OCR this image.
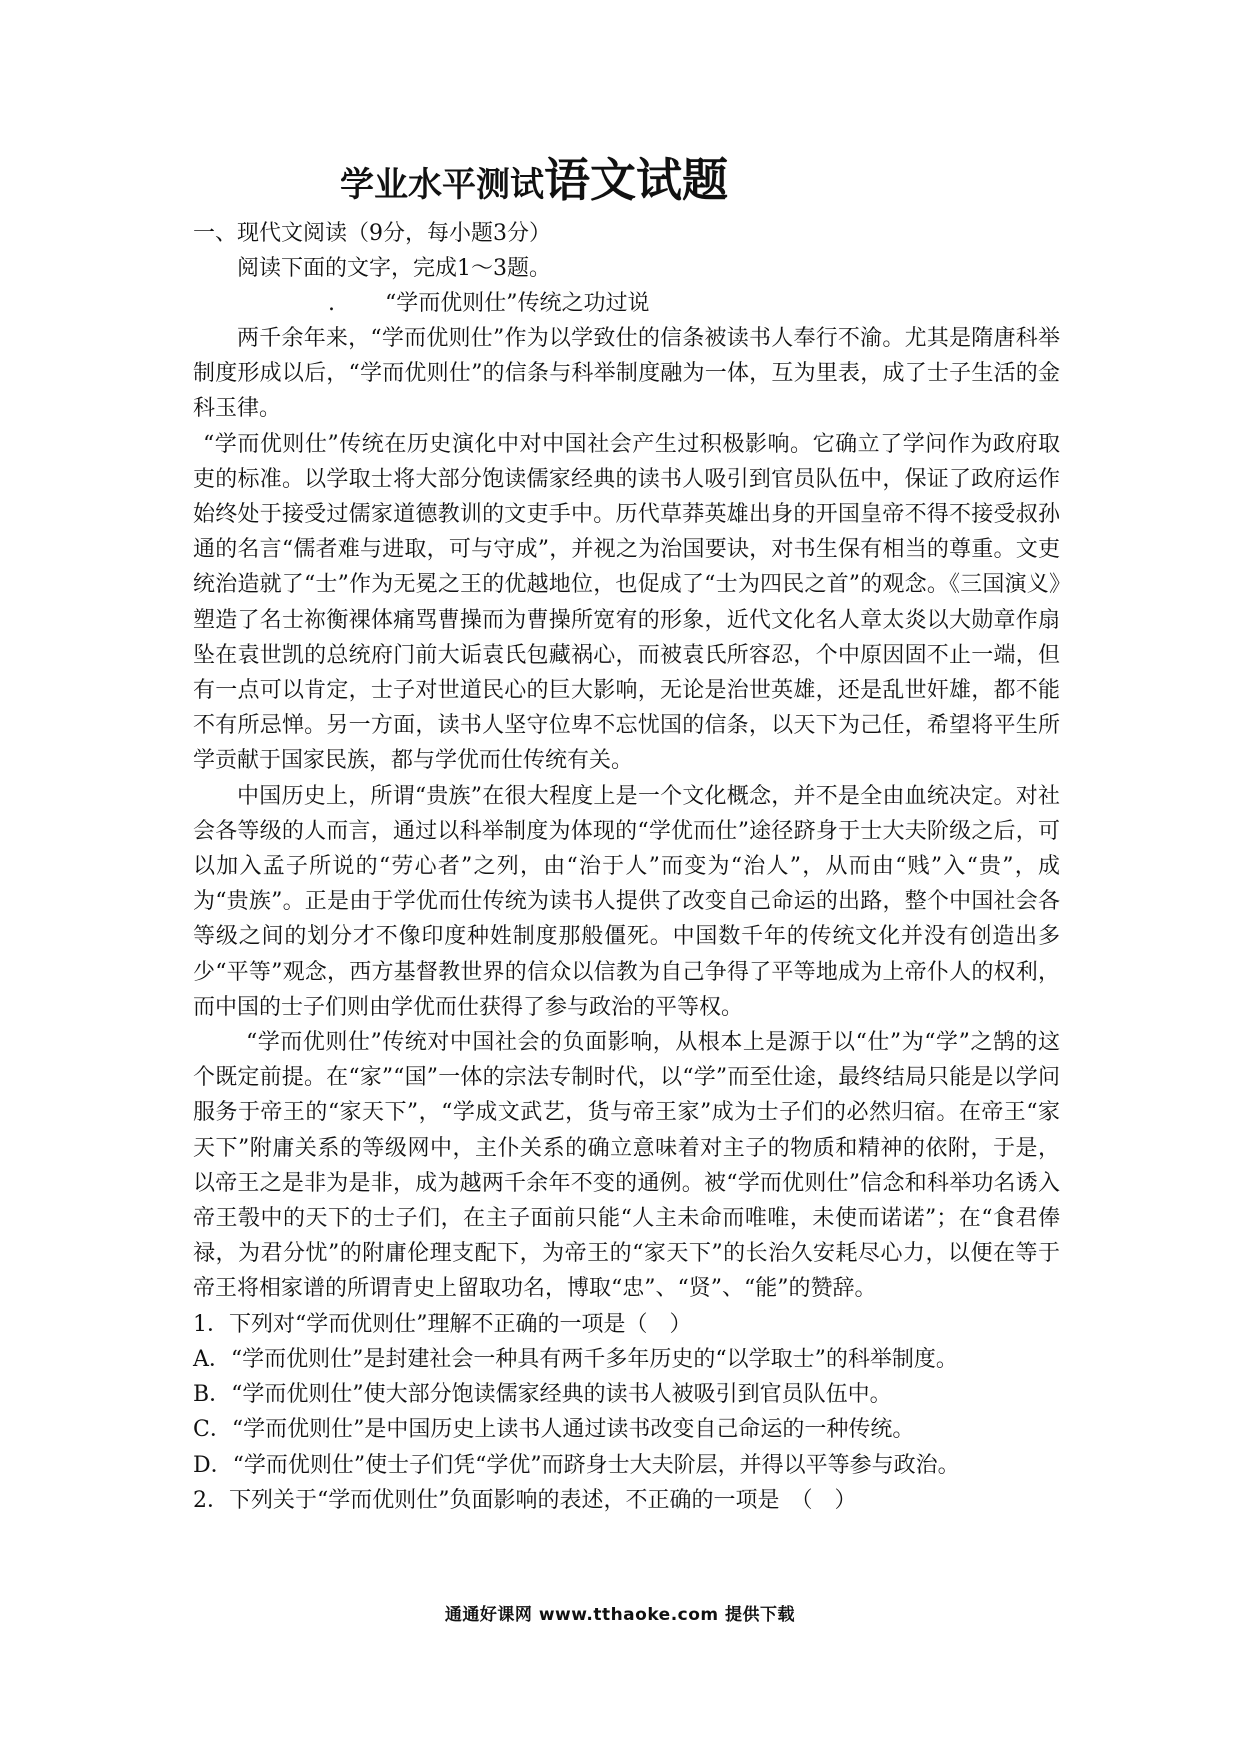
学业水平测试语文试题

一、现代文阅读（9分，每小题3分）

阅读下面的文字，完成1～3题。

. “学而优则仕”传统之功过说

两千余年来，“学而优则仕”作为以学致仕的信条被读书人奉行不渝。尤其是隋唐科举制度形成以后，“学而优则仕”的信条与科举制度融为一体，互为里表，成了士子生活的金科玉律。

“学而优则仕”传统在历史演化中对中国社会产生过积极影响。它确立了学问作为政府取吏的标准。以学取士将大部分饱读儒家经典的读书人吸引到官员队伍中，保证了政府运作始终处于接受过儒家道德教训的文吏手中。历代草莽英雄出身的开国皇帝不得不接受叔孙通的名言“儒者难与进取，可与守成”，并视之为治国要诀，对书生保有相当的尊重。文吏统治造就了“士”作为无冕之王的优越地位，也促成了“士为四民之首”的观念。《三国演义》塑造了名士祢衡裸体痛骂曹操而为曹操所宽宥的形象，近代文化名人章太炎以大勋章作扇坠在袁世凯的总统府门前大诟袁氏包藏祸心，而被袁氏所容忍，个中原因固不止一端，但有一点可以肯定，士子对世道民心的巨大影响，无论是治世英雄，还是乱世奸雄，都不能不有所忌惮。另一方面，读书人坚守位卑不忘忧国的信条，以天下为己任，希望将平生所学贡献于国家民族，都与学优而仕传统有关。

中国历史上，所谓“贵族”在很大程度上是一个文化概念，并不是全由血统决定。对社会各等级的人而言，通过以科举制度为体现的“学优而仕”途径跻身于士大夫阶级之后，可以加入孟子所说的“劳心者”之列，由“治于人”而变为“治人”，从而由“贱”入“贵”，成为“贵族”。正是由于学优而仕传统为读书人提供了改变自己命运的出路，整个中国社会各等级之间的划分才不像印度种姓制度那般僵死。中国数千年的传统文化并没有创造出多少“平等”观念，西方基督教世界的信众以信教为自己争得了平等地成为上帝仆人的权利，而中国的士子们则由学优而仕获得了参与政治的平等权。

“学而优则仕”传统对中国社会的负面影响，从根本上是源于以“仕”为“学”之鹄的这个既定前提。在“家”“国”一体的宗法专制时代，以“学”而至仕途，最终结局只能是以学问服务于帝王的“家天下”，“学成文武艺，货与帝王家”成为士子们的必然归宿。在帝王“家天下”附庸关系的等级网中，主仆关系的确立意味着对主子的物质和精神的依附，于是，以帝王之是非为是非，成为越两千余年不变的通例。被“学而优则仕”信念和科举功名诱入帝王彀中的天下的士子们，在主子面前只能“人主未命而唯唯，未使而诺诺”；在“食君俸禄，为君分忧”的附庸伦理支配下，为帝王的“家天下”的长治久安耗尽心力，以便在等于帝王将相家谱的所谓青史上留取功名，博取“忠”、“贤”、“能”的赞辞。

1．下列对“学而优则仕”理解不正确的一项是（　）

A．“学而优则仕”是封建社会一种具有两千多年历史的“以学取士”的科举制度。

B．“学而优则仕”使大部分饱读儒家经典的读书人被吸引到官员队伍中。

C．“学而优则仕”是中国历史上读书人通过读书改变自己命运的一种传统。

D．“学而优则仕”使士子们凭“学优”而跻身士大夫阶层，并得以平等参与政治。

2．下列关于“学而优则仕”负面影响的表述，不正确的一项是　（　）

通通好课网 www.tthaoke.com 提供下载
